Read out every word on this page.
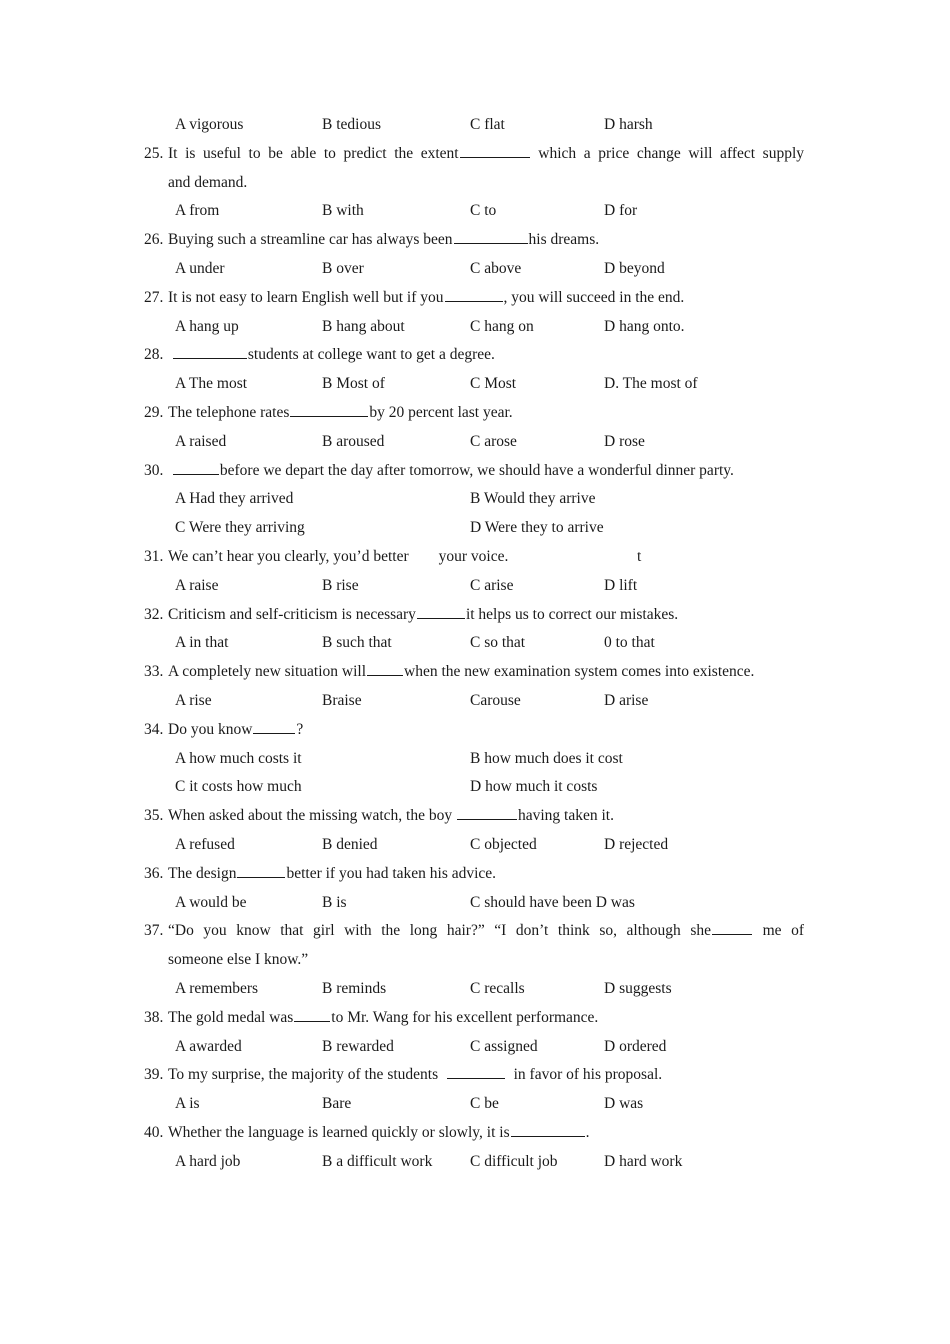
A vigorous	B tedious	C flat	D harsh
25. It is useful to be able to predict the extent	which a price change will affect supply
and demand.
A from	B with	C to	D for
26. Buying such a streamline car has always been	his dreams.
A under	B over	C above	D beyond
27. It is not easy to learn English well but if you	, you will succeed in the end.
A hang up	B hang about	C hang on	D hang onto.
28.	students at college want to get a degree.
A The most	B Most of	C Most	D. The most of
29. The telephone rates	by 20 percent last year.
A raised	B aroused	C arose	D rose
30.	before we depart the day after tomorrow, we should have a wonderful dinner party.
A Had they arrived	B Would they arrive
C Were they arriving	D Were they to arrive
31. We can’t hear you clearly, you’d better your voice.	t
A raise	B rise	C arise	D lift
32. Criticism and self-criticism is necessary	it helps us to correct our mistakes.
A in that	B such that	C so that	0 to that
33. A completely new situation will when the new examination system comes into existence.
A rise	Braise	Carouse	D arise
34. Do you know	?
A how much costs it	B how much does it cost
C it costs how much	D how much it costs
35. When asked about the missing watch, the boy	having taken it.
A refused	B denied	C objected	D rejected
36. The design	better if you had taken his advice.
A would be	B is	C should have been D was
37. “Do you know that girl with the long hair?” “I don’t think so, although she	me of
someone else I know.”
A remembers	B reminds	C recalls	D suggests
38. The gold medal was to Mr. Wang for his excellent performance.
A awarded	B rewarded	C assigned	D ordered
39. To my surprise, the majority of the students	in favor of his proposal.
A is	Bare	C be	D was
40. Whether the language is learned quickly or slowly, it is	.
A hard job	B a difficult work C difficult job	D hard work
